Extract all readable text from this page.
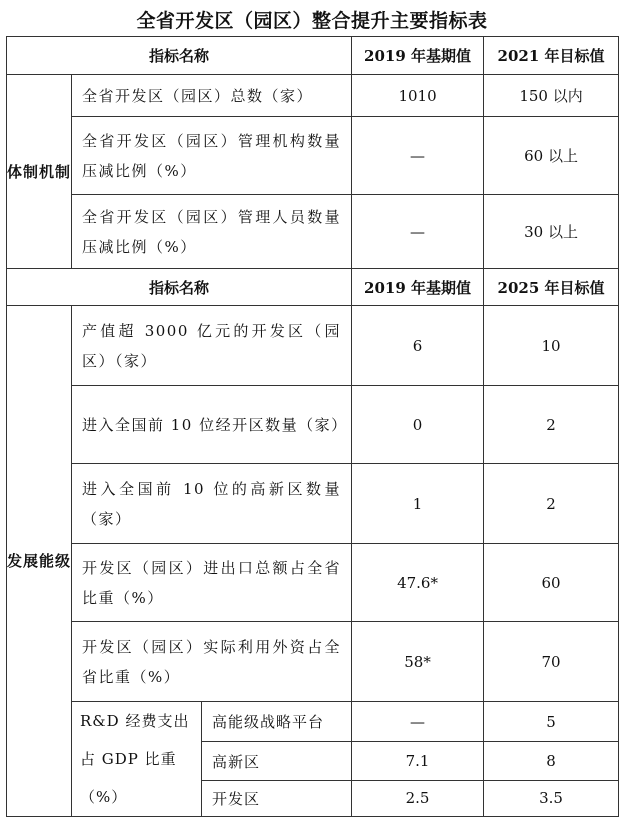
全省开发区（园区）整合提升主要指标表
指标名称			2019 年基期值	2021 年目标值
体制机制	全省开发区（园区）总数（家）		1010	150 以内
	全省开发区（园区）管理机构数量压减比例（%）		—	60 以上
	全省开发区（园区）管理人员数量压减比例（%）		—	30 以上
指标名称			2019 年基期值	2025 年目标值
发展能级	产值超 3000 亿元的开发区（园区）（家）		6	10
	进入全国前 10 位经开区数量（家）		0	2
	进入全国前 10 位的高新区数量（家）		1	2
	开发区（园区）进出口总额占全省比重（%）		47.6*	60
	开发区（园区）实际利用外资占全省比重（%）		58*	70
	R&D 经费支出占 GDP 比重（%）	高能级战略平台	—	5
		高新区	7.1	8
		开发区	2.5	3.5
